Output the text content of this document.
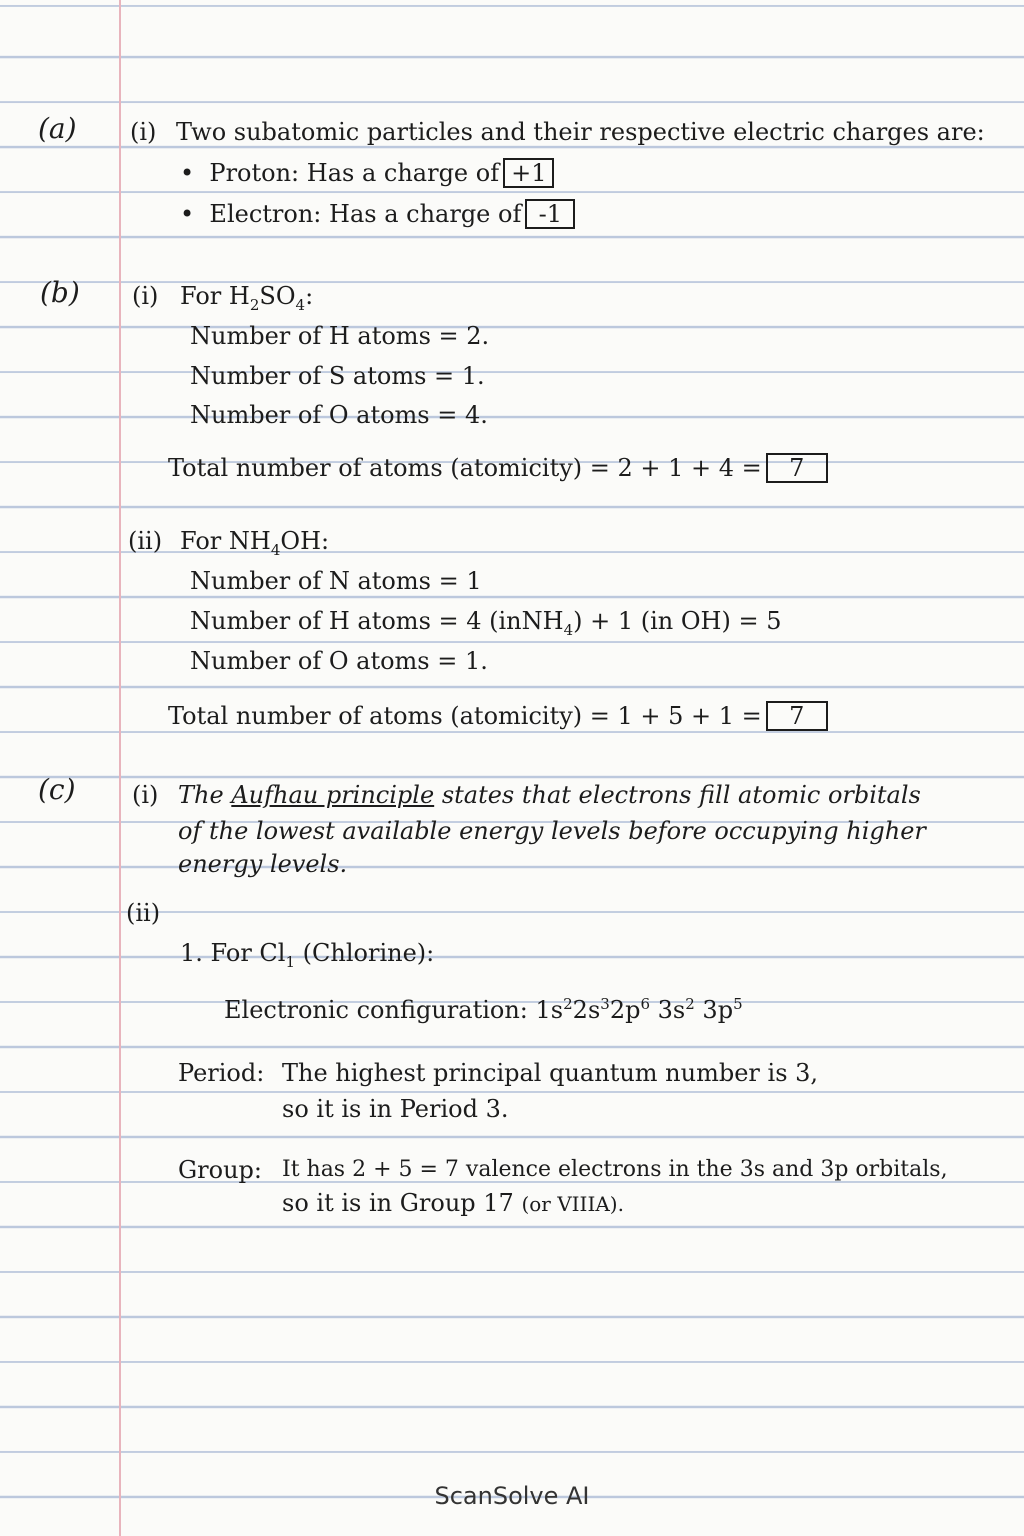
(a) (i) Two subatomic particles and their respective electric charges are:
•  Proton: Has a charge of +1
•  Electron: Has a charge of -1
(b) (i) For $H_2SO_4$:
Number of H atoms = 2.
Number of S atoms = 1.
Number of O atoms = 4.
Total number of atoms (atomicity) = 2 + 1 + 4 = 7
(ii) For $NH_4OH$:
Number of N atoms = 1
Number of H atoms = 4 (inNH$_4$) + 1 (in OH) = 5
Number of O atoms = 1.
Total number of atoms (atomicity) = 1 + 5 + 1 = 7
(c) (i) The Aufhau principle states that electrons fill atomic orbitals
of the lowest available energy levels before occupying higher
energy levels.
(ii)
1. For $Cl_1$ (Chlorine):
Electronic configuration: $1s^22s^32p^6$ $3s^2$ $3p^5$
Period: The highest principal quantum number is 3,
so it is in Period 3.
Group: It has 2 + 5 = 7 valence electrons in the 3s and 3p orbitals,
so it is in Group 17 (or VIIIA).
ScanSolve AI
